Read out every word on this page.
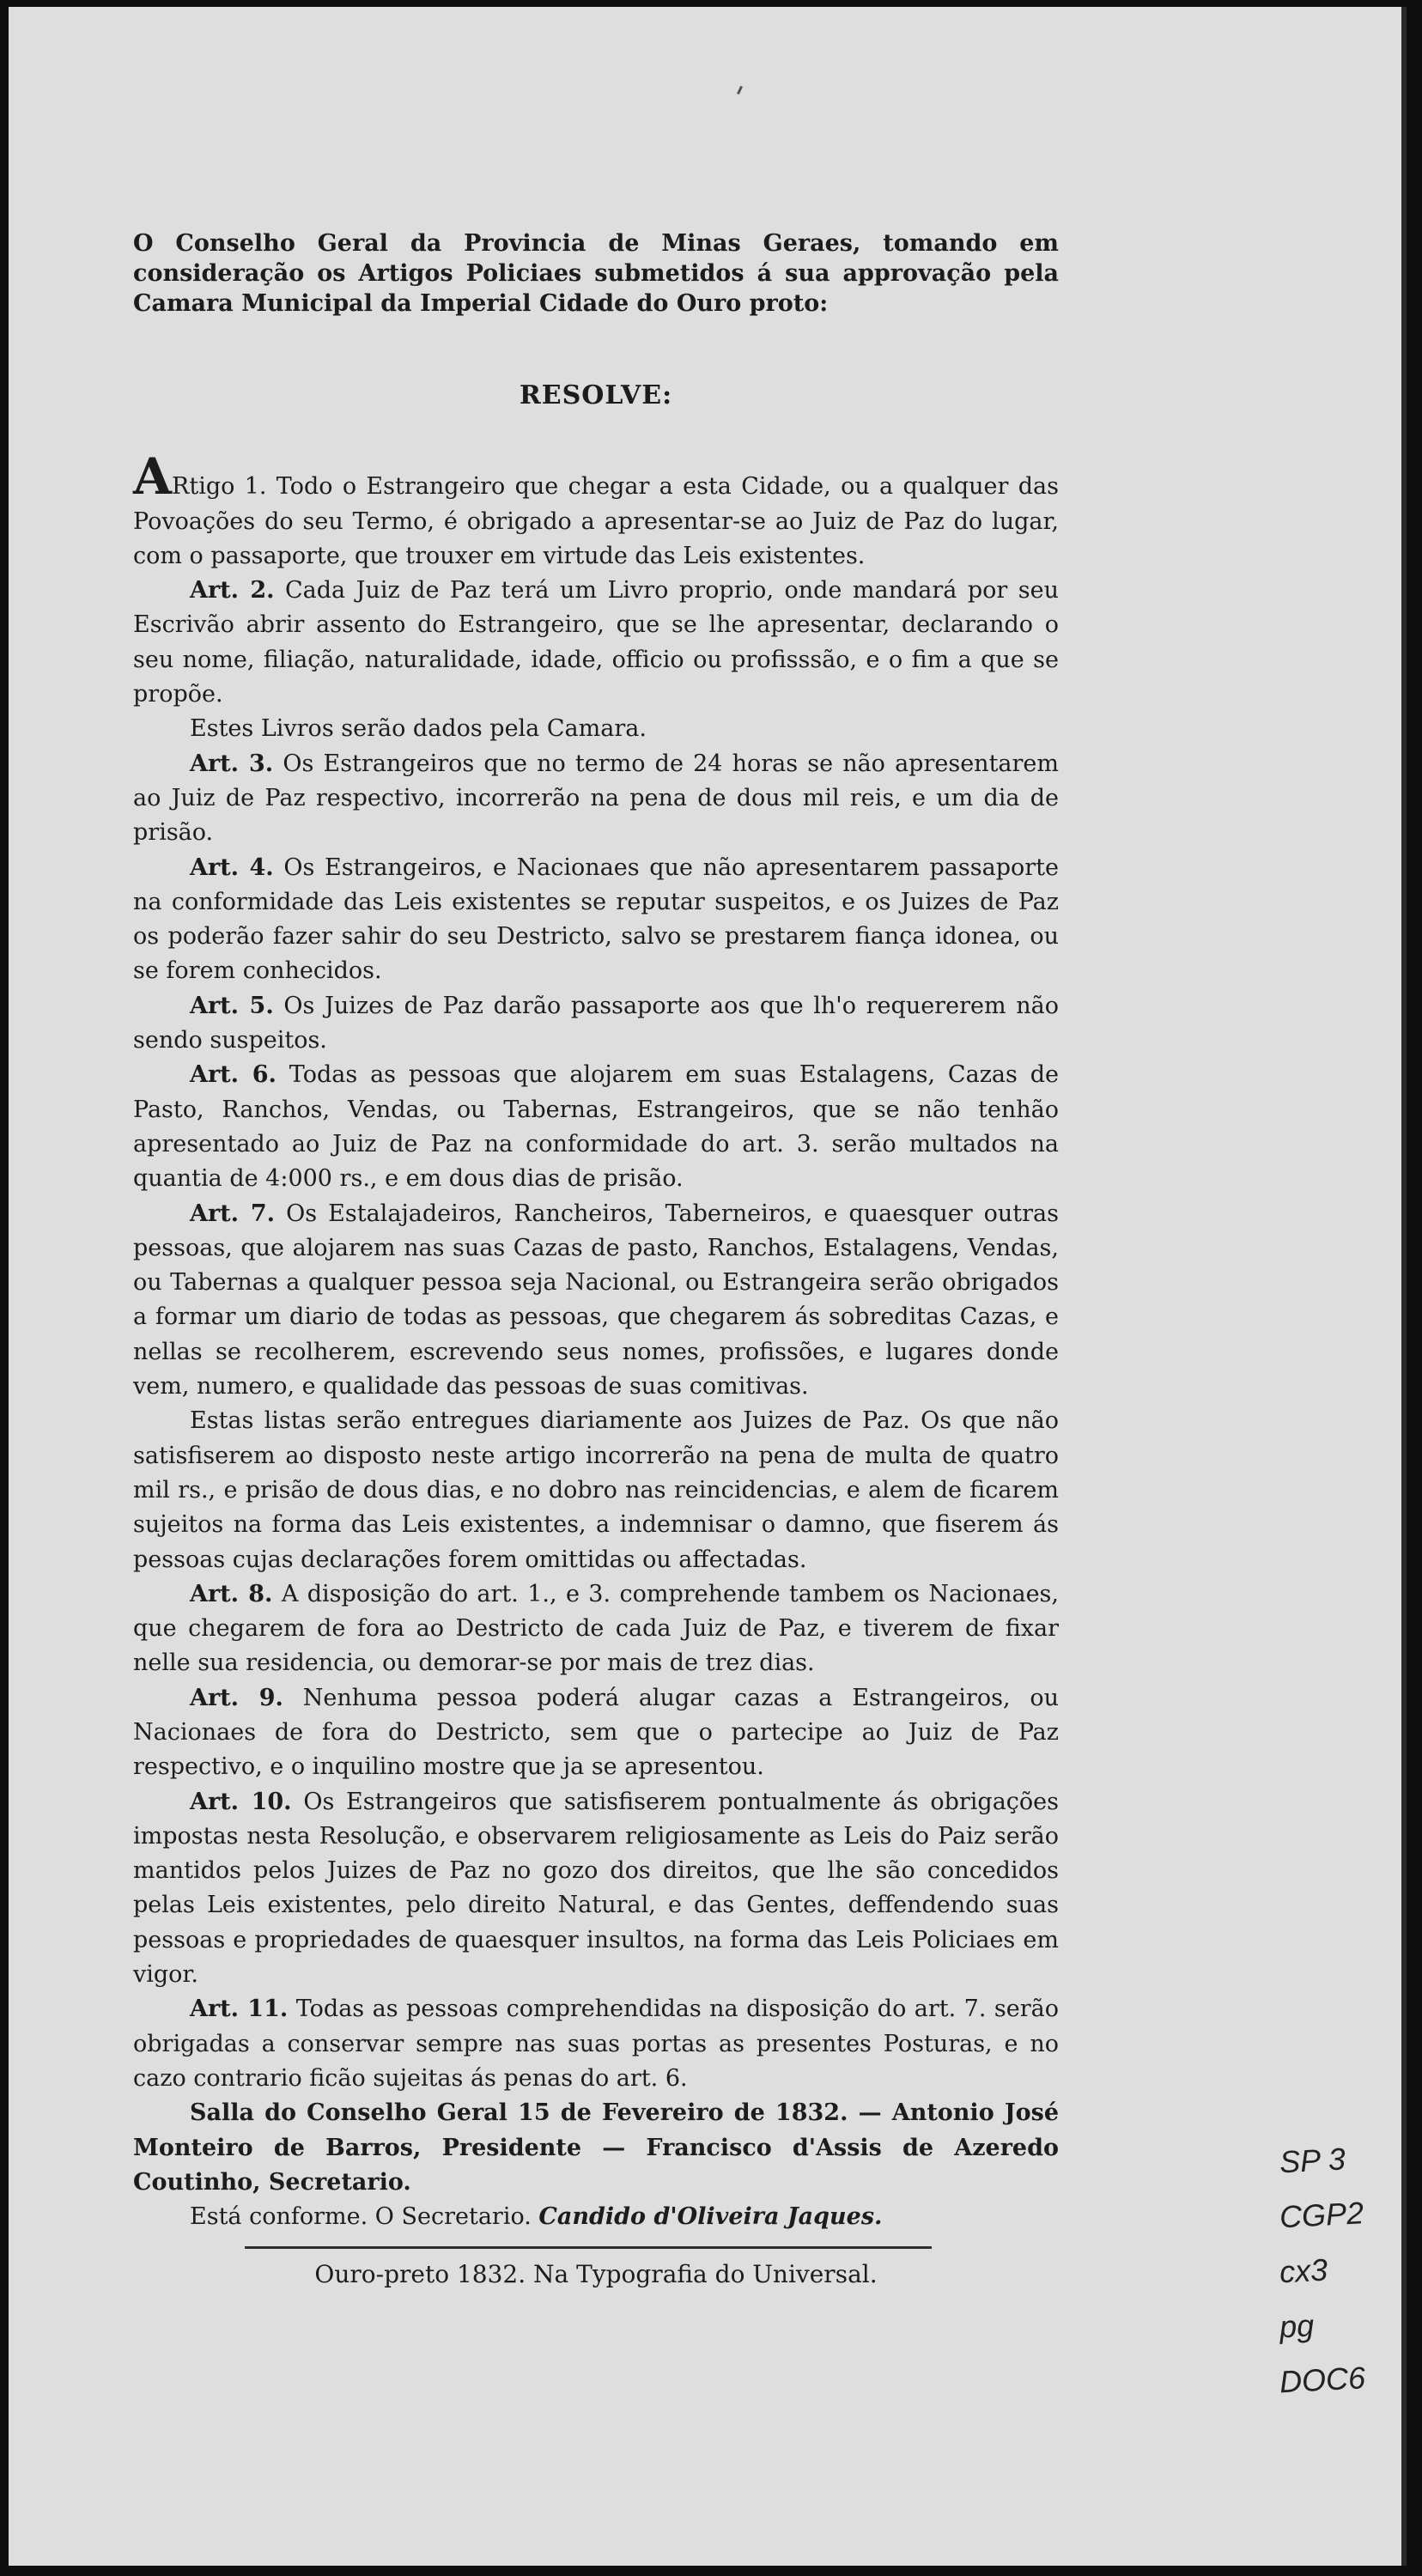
O Conselho Geral da Provincia de Minas Geraes, tomando em consideração os Artigos Policiaes submetidos á sua approvação pela Camara Municipal da Imperial Cidade do Ouro proto:

RESOLVE:

ARtigo 1. Todo o Estrangeiro que chegar a esta Cidade, ou a qualquer das Povoações do seu Termo, é obrigado a apresentar-se ao Juiz de Paz do lugar, com o passaporte, que trouxer em virtude das Leis existentes.

Art. 2. Cada Juiz de Paz terá um Livro proprio, onde mandará por seu Escrivão abrir assento do Estrangeiro, que se lhe apresentar, declarando o seu nome, filiação, naturalidade, idade, officio ou profisssão, e o fim a que se propõe.

Estes Livros serão dados pela Camara.

Art. 3. Os Estrangeiros que no termo de 24 horas se não apresentarem ao Juiz de Paz respectivo, incorrerão na pena de dous mil reis, e um dia de prisão.

Art. 4. Os Estrangeiros, e Nacionaes que não apresentarem passaporte na conformidade das Leis existentes se reputar suspeitos, e os Juizes de Paz os poderão fazer sahir do seu Destricto, salvo se prestarem fiança idonea, ou se forem conhecidos.

Art. 5. Os Juizes de Paz darão passaporte aos que lh'o requererem não sendo suspeitos.

Art. 6. Todas as pessoas que alojarem em suas Estalagens, Cazas de Pasto, Ranchos, Vendas, ou Tabernas, Estrangeiros, que se não tenhão apresentado ao Juiz de Paz na conformidade do art. 3. serão multados na quantia de 4:000 rs., e em dous dias de prisão.

Art. 7. Os Estalajadeiros, Rancheiros, Taberneiros, e quaesquer outras pessoas, que alojarem nas suas Cazas de pasto, Ranchos, Estalagens, Vendas, ou Tabernas a qualquer pessoa seja Nacional, ou Estrangeira serão obrigados a formar um diario de todas as pessoas, que chegarem ás sobreditas Cazas, e nellas se recolherem, escrevendo seus nomes, profissões, e lugares donde vem, numero, e qualidade das pessoas de suas comitivas.

Estas listas serão entregues diariamente aos Juizes de Paz. Os que não satisfiserem ao disposto neste artigo incorrerão na pena de multa de quatro mil rs., e prisão de dous dias, e no dobro nas reincidencias, e alem de ficarem sujeitos na forma das Leis existentes, a indemnisar o damno, que fiserem ás pessoas cujas declarações forem omittidas ou affectadas.

Art. 8. A disposição do art. 1., e 3. comprehende tambem os Nacionaes, que chegarem de fora ao Destricto de cada Juiz de Paz, e tiverem de fixar nelle sua residencia, ou demorar-se por mais de trez dias.

Art. 9. Nenhuma pessoa poderá alugar cazas a Estrangeiros, ou Nacionaes de fora do Destricto, sem que o partecipe ao Juiz de Paz respectivo, e o inquilino mostre que ja se apresentou.

Art. 10. Os Estrangeiros que satisfiserem pontualmente ás obrigações impostas nesta Resolução, e observarem religiosamente as Leis do Paiz serão mantidos pelos Juizes de Paz no gozo dos direitos, que lhe são concedidos pelas Leis existentes, pelo direito Natural, e das Gentes, deffendendo suas pessoas e propriedades de quaesquer insultos, na forma das Leis Policiaes em vigor.

Art. 11. Todas as pessoas comprehendidas na disposição do art. 7. serão obrigadas a conservar sempre nas suas portas as presentes Posturas, e no cazo contrario ficão sujeitas ás penas do art. 6.

Salla do Conselho Geral 15 de Fevereiro de 1832. — Antonio José Monteiro de Barros, Presidente — Francisco d'Assis de Azeredo Coutinho, Secretario.

Está conforme. O Secretario. Candido d'Oliveira Jaques.

Ouro-preto 1832. Na Typografia do Universal.

SP 3
CGP2
cx3
pg
DOC6
